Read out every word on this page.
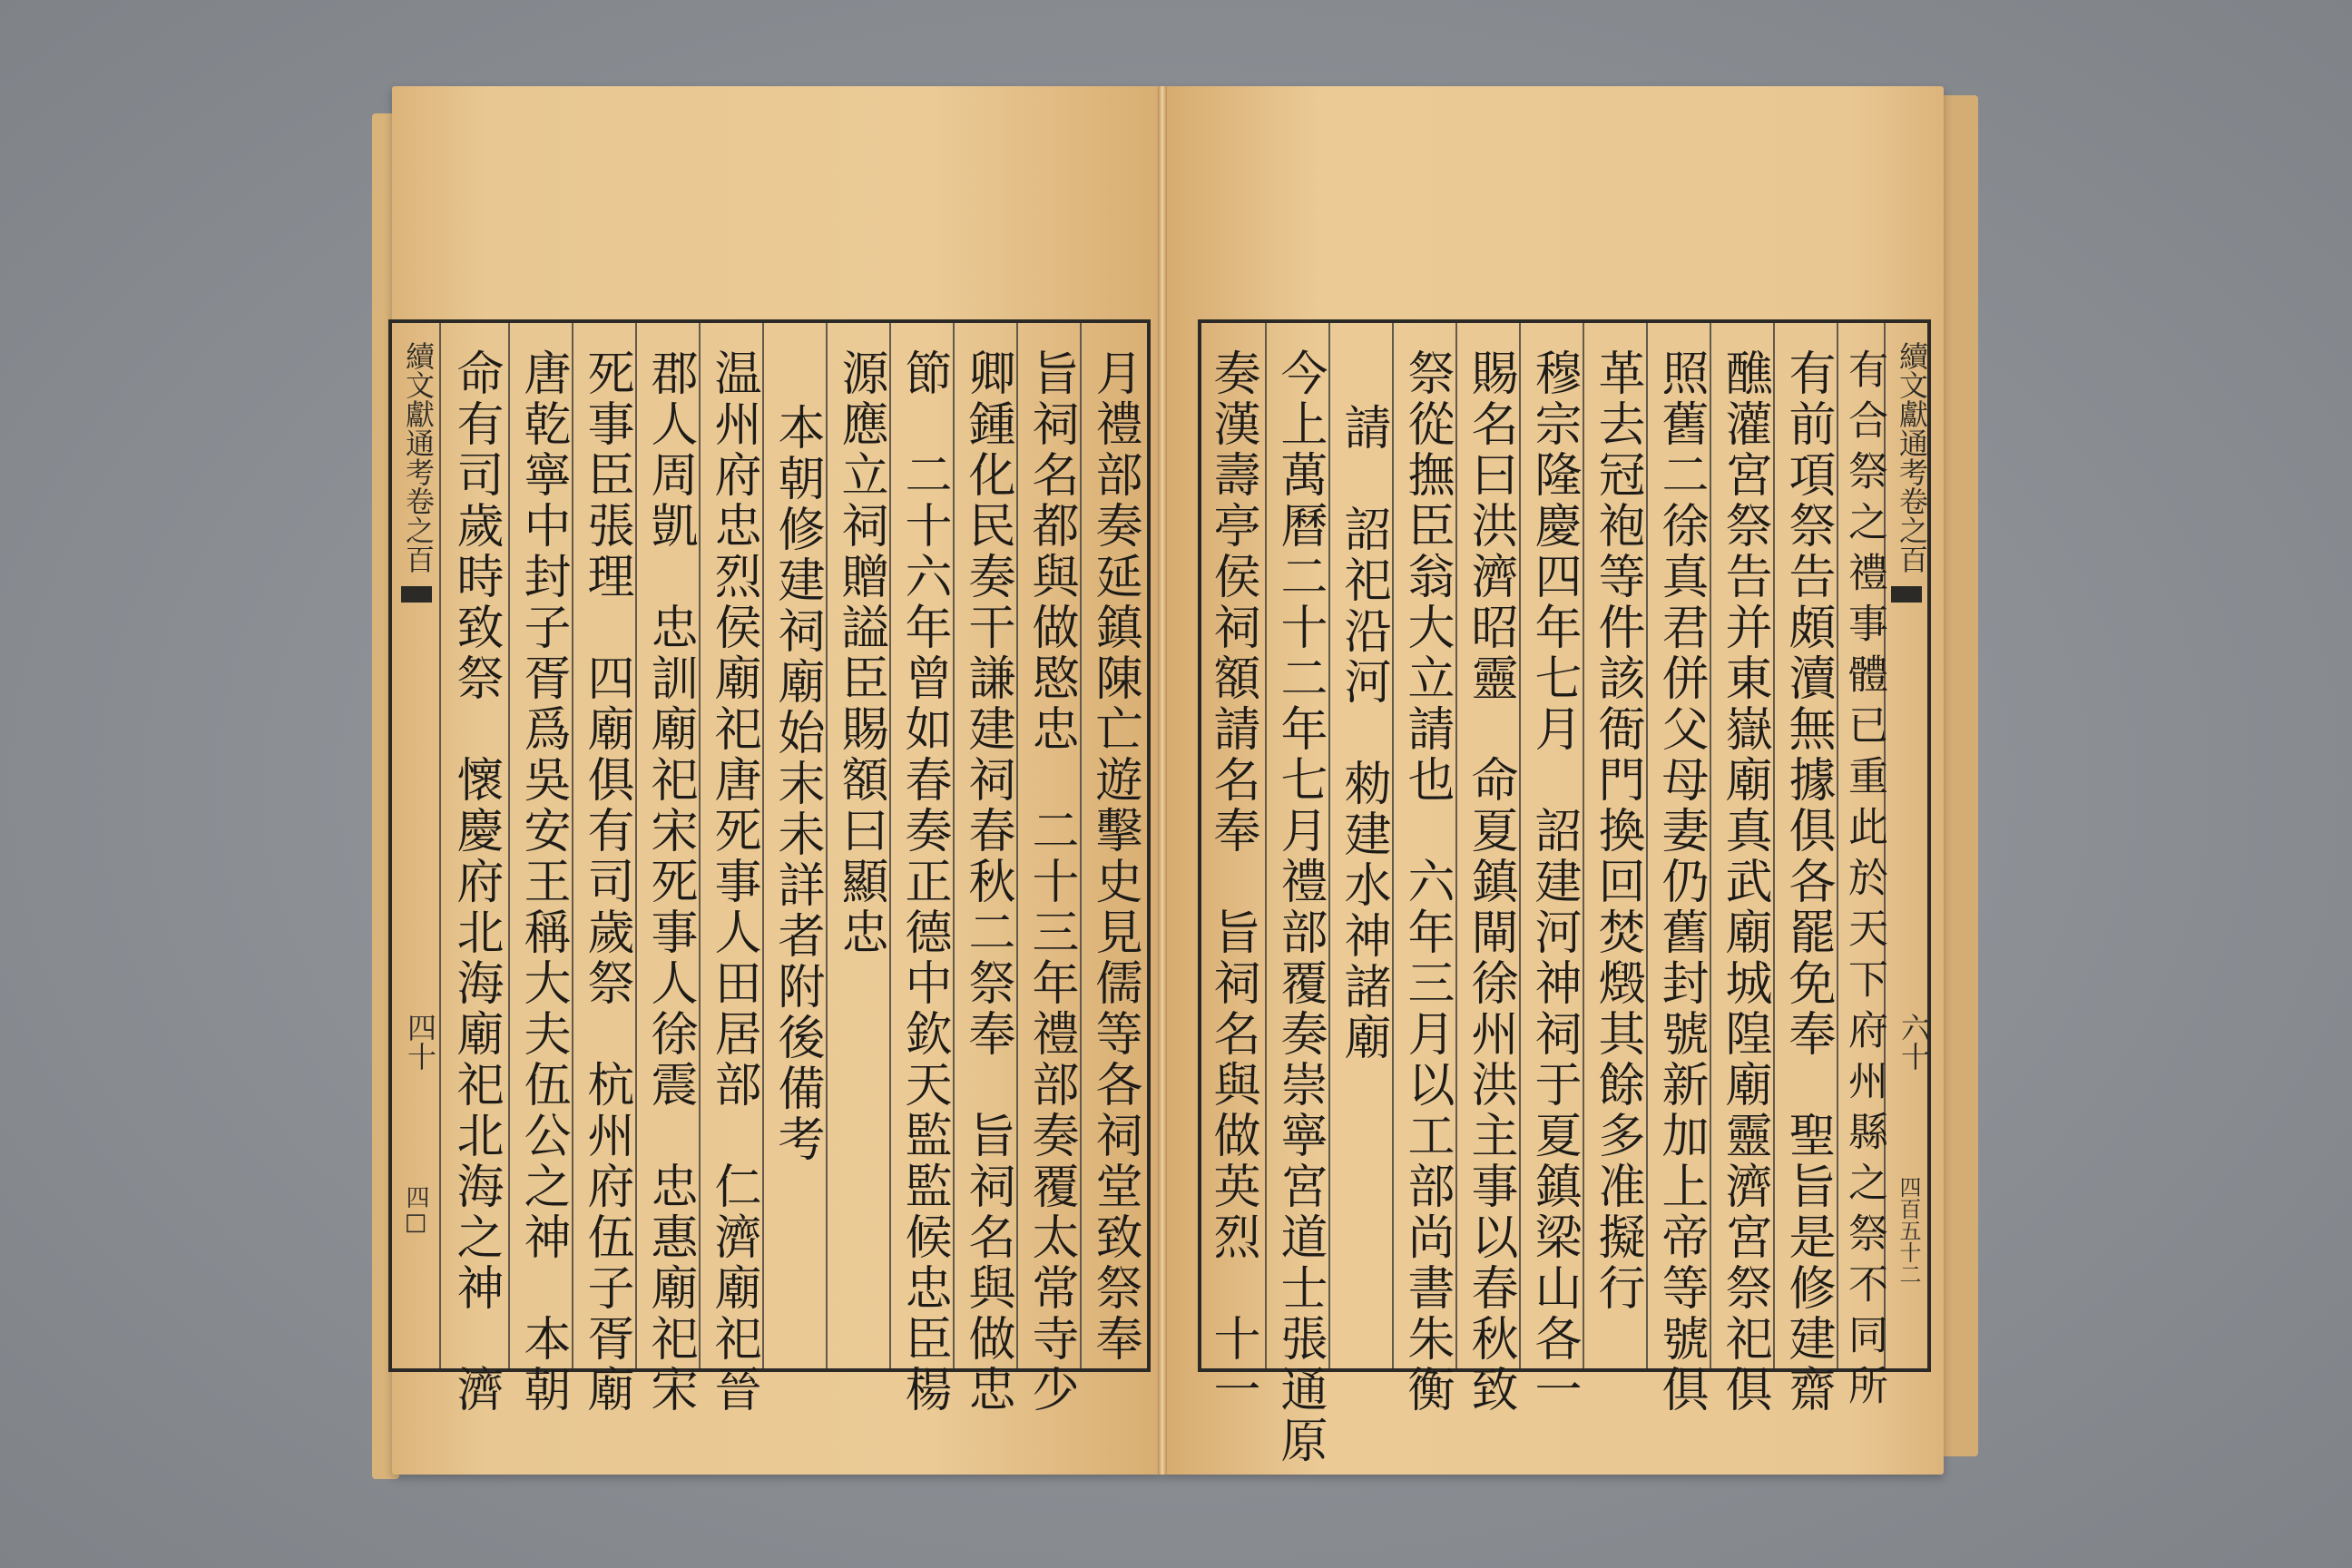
續文獻通考卷之百
四十
四□ 命有司歲時致祭　懷慶府北海廟祀北海之神　濟 唐乾寧中封子胥爲吳安王稱大夫伍公之神　本朝 死事臣張理　四廟俱有司歲祭　杭州府伍子胥廟 郡人周凱　忠訓廟祀宋死事人徐震　忠惠廟祀宋 温州府忠烈侯廟祀唐死事人田居部　仁濟廟祀晉 本朝修建祠廟始末未詳者附後備考 源應立祠贈謚臣賜額曰顯忠 節　二十六年曾如春奏正德中欽天監監候忠臣楊 卿鍾化民奏干謙建祠春秋二祭奉　旨祠名與做忠 旨祠名都與做愍忠　二十三年禮部奏覆太常寺少 月禮部奏延鎮陳亡遊擊史見儒等各祠堂致祭奉 奏漢壽亭侯祠額請名奉　旨祠名與做英烈　十一 今上萬曆二十二年七月禮部覆奏崇寧宮道士張通原 請　詔祀沿河　勑建水神諸廟 祭從撫臣翁大立請也　六年三月以工部尚書朱衡 賜名曰洪濟昭靈　命夏鎮閘徐州洪主事以春秋致 穆宗隆慶四年七月　詔建河神祠于夏鎮梁山各一 革去冠袍等件該衙門換回焚燬其餘多准擬行 照舊二徐真君併父母妻仍舊封號新加上帝等號俱 醮灌宮祭告并東嶽廟真武廟城隍廟靈濟宮祭祀俱 有前項祭告頗瀆無據俱各罷免奉　聖旨是修建齋 有合祭之禮事體已重此於天下府州縣之祭不同所 續文獻通考卷之百
六十
四百五十二
